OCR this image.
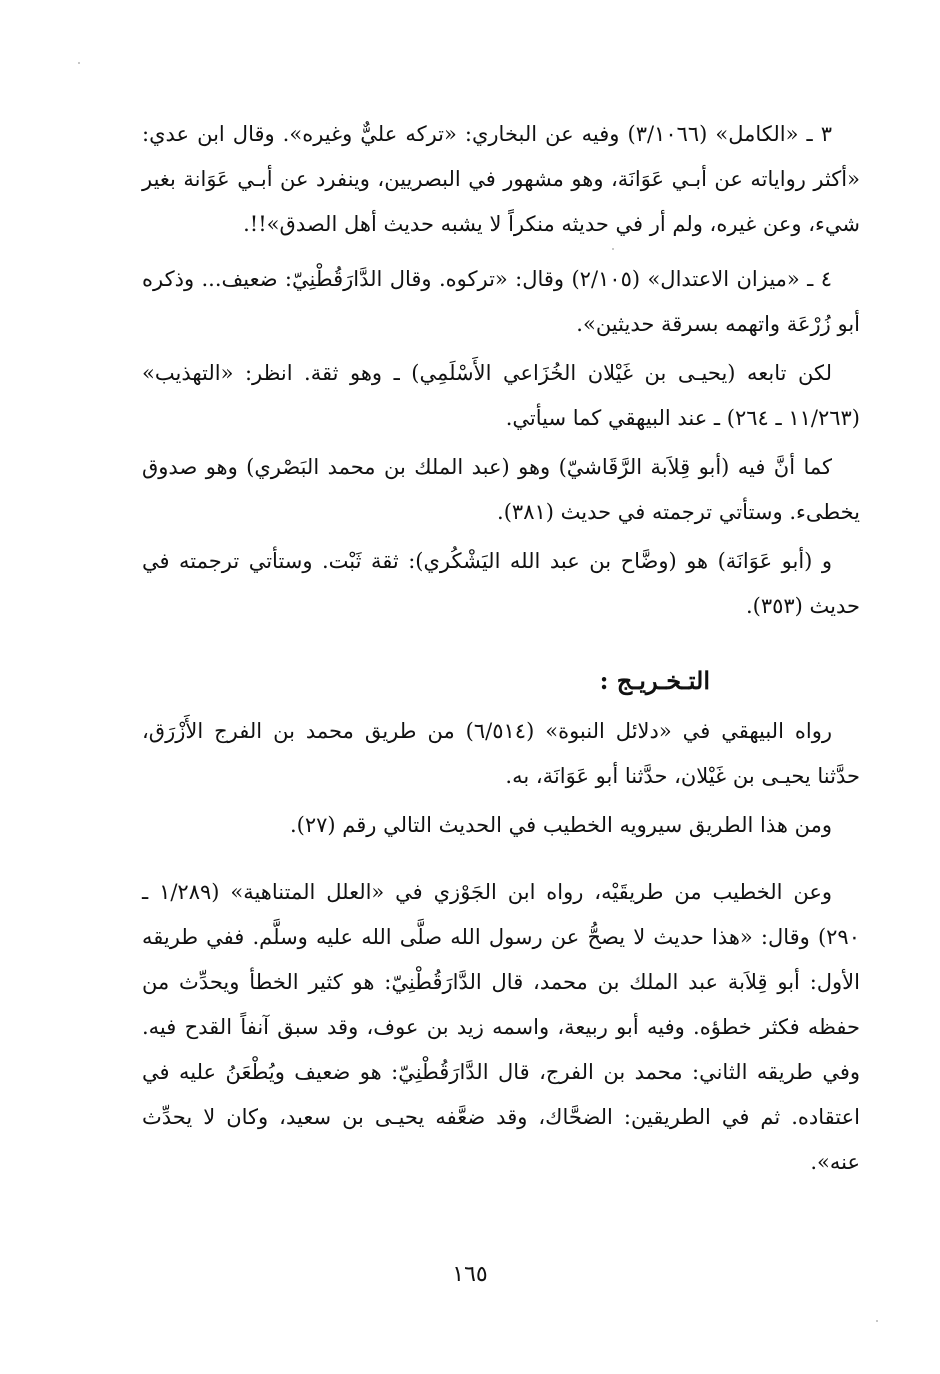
٣ ـ «الكامل» (٣/١٠٦٦) وفيه عن البخاري: «تركه عليٌّ وغيره». وقال ابن عدي: «أكثر رواياته عن أبـي عَوَانَة، وهو مشهور في البصريين، وينفرد عن أبـي عَوَانة بغير شيء، وعن غيره، ولم أر في حديثه منكراً لا يشبه حديث أهل الصدق»!!.

٤ ـ «ميزان الاعتدال» (٢/١٠٥) وقال: «تركوه. وقال الدَّارَقُطْنِيّ: ضعيف... وذكره أبو زُرْعَة واتهمه بسرقة حديثين».

لكن تابعه (يحيـى بن غَيْلان الخُزَاعي الأَسْلَمِي) ـ وهو ثقة. انظر: «التهذيب» (١١/٢٦٣ ـ ٢٦٤) ـ عند البيهقي كما سيأتي.

كما أنَّ فيه (أبو قِلاَبة الرَّقَاشيّ) وهو (عبد الملك بن محمد البَصْري) وهو صدوق يخطىء. وستأتي ترجمته في حديث (٣٨١).

و (أبو عَوَانَة) هو (وضَّاح بن عبد الله اليَشْكُري): ثقة ثَبْت. وستأتي ترجمته في حديث (٣٥٣).

التـخـريـج :

رواه البيهقي في «دلائل النبوة» (٦/٥١٤) من طريق محمد بن الفرج الأَزْرَق، حدَّثنا يحيـى بن غَيْلان، حدَّثنا أبو عَوَانَة، به.

ومن هذا الطريق سيرويه الخطيب في الحديث التالي رقم (٢٧).

وعن الخطيب من طريقَيْه، رواه ابن الجَوْزي في «العلل المتناهية» (١/٢٨٩ ـ ٢٩٠) وقال: «هذا حديث لا يصحُّ عن رسول الله صلَّى الله عليه وسلَّم. ففي طريقه الأول: أبو قِلاَبة عبد الملك بن محمد، قال الدَّارَقُطْنِيّ: هو كثير الخطأ ويحدِّث من حفظه فكثر خطؤه. وفيه أبو ربيعة، واسمه زيد بن عوف، وقد سبق آنفاً القدح فيه. وفي طريقه الثاني: محمد بن الفرج، قال الدَّارَقُطْنِيّ: هو ضعيف ويُطْعَنُ عليه في اعتقاده. ثم في الطريقين: الضحَّاك، وقد ضعَّفه يحيـى بن سعيد، وكان لا يحدِّث عنه».

١٦٥
